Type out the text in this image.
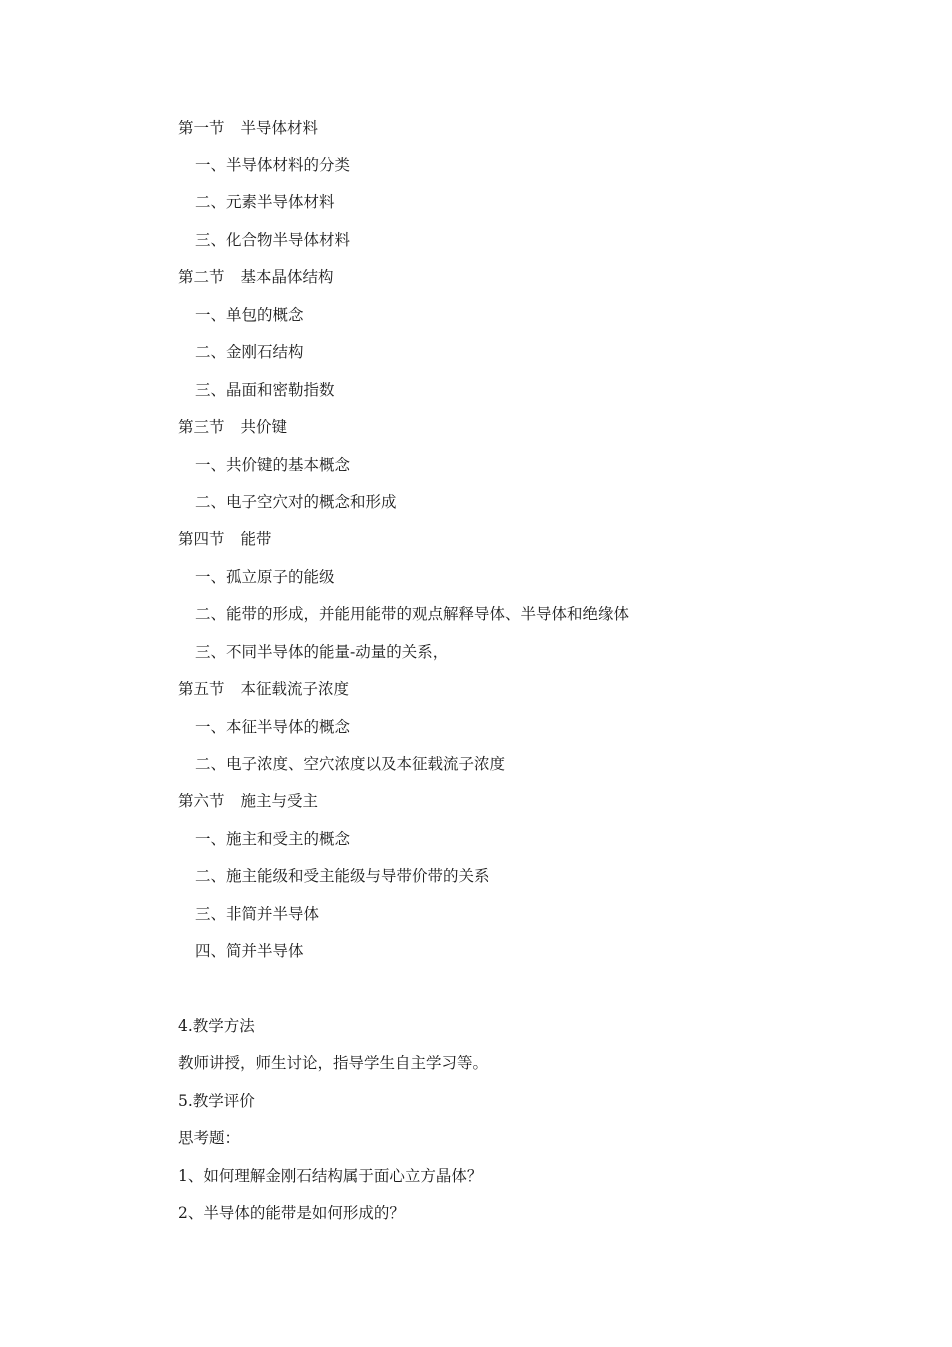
第一节 半导体材料
一、半导体材料的分类
二、元素半导体材料
三、化合物半导体材料
第二节 基本晶体结构
一、单包的概念
二、金刚石结构
三、晶面和密勒指数
第三节 共价键
一、共价键的基本概念
二、电子空穴对的概念和形成
第四节 能带
一、孤立原子的能级
二、能带的形成，并能用能带的观点解释导体、半导体和绝缘体
三、不同半导体的能量-动量的关系，
第五节 本征载流子浓度
一、本征半导体的概念
二、电子浓度、空穴浓度以及本征载流子浓度
第六节 施主与受主
一、施主和受主的概念
二、施主能级和受主能级与导带价带的关系
三、非简并半导体
四、简并半导体
4.教学方法
教师讲授，师生讨论，指导学生自主学习等。
5.教学评价
思考题：
1、如何理解金刚石结构属于面心立方晶体？
2、半导体的能带是如何形成的？
